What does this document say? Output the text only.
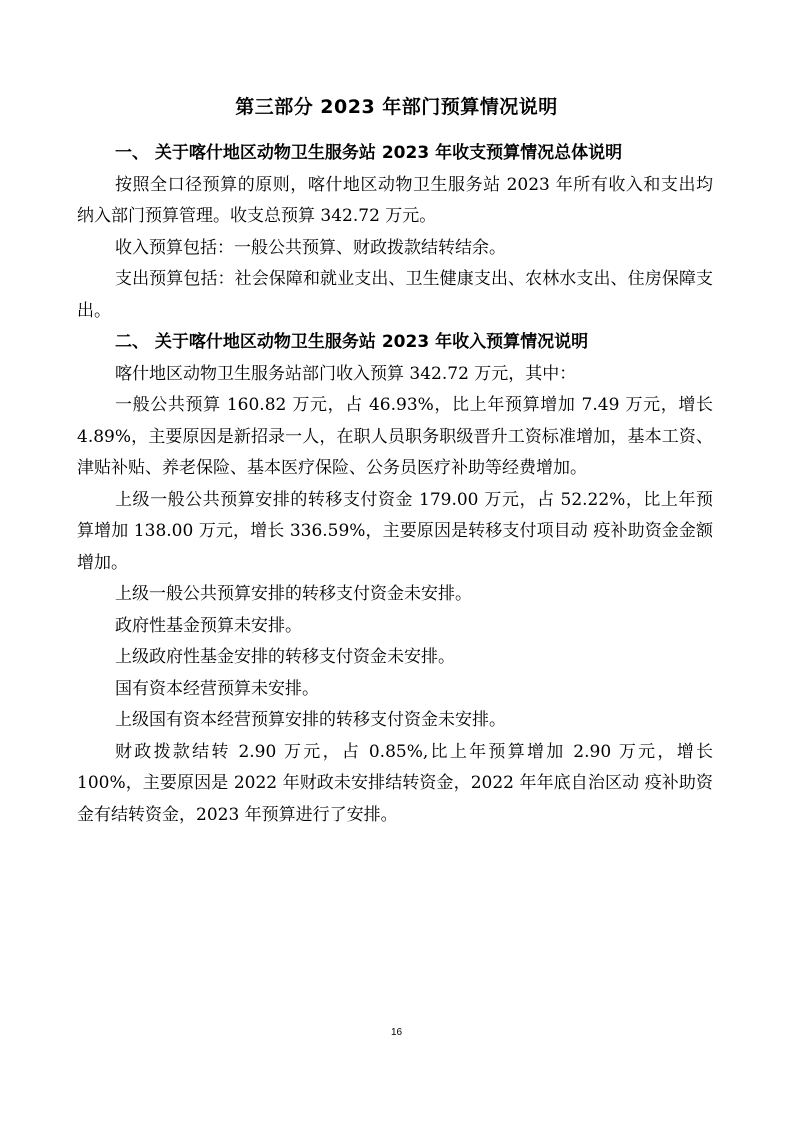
第三部分 2023 年部门预算情况说明

一、 关于喀什地区动物卫生服务站 2023 年收支预算情况总体说明

按照全口径预算的原则，喀什地区动物卫生服务站 2023 年所有收入和支出均纳入部门预算管理。收支总预算 342.72 万元。

收入预算包括：一般公共预算、财政拨款结转结余。

支出预算包括：社会保障和就业支出、卫生健康支出、农林水支出、住房保障支出。

二、 关于喀什地区动物卫生服务站 2023 年收入预算情况说明

喀什地区动物卫生服务站部门收入预算 342.72 万元，其中：

一般公共预算 160.82 万元，占 46.93%，比上年预算增加 7.49 万元，增长 4.89%，主要原因是新招录一人，在职人员职务职级晋升工资标准增加，基本工资、津贴补贴、养老保险、基本医疗保险、公务员医疗补助等经费增加。

上级一般公共预算安排的转移支付资金 179.00 万元，占 52.22%，比上年预算增加 138.00 万元，增长 336.59%，主要原因是转移支付项目动 疫补助资金金额增加。

上级一般公共预算安排的转移支付资金未安排。

政府性基金预算未安排。

上级政府性基金安排的转移支付资金未安排。

国有资本经营预算未安排。

上级国有资本经营预算安排的转移支付资金未安排。

财政拨款结转 2.90 万元，占 0.85%,比上年预算增加 2.90 万元，增长 100%，主要原因是 2022 年财政未安排结转资金，2022 年年底自治区动 疫补助资金有结转资金，2023 年预算进行了安排。

16
